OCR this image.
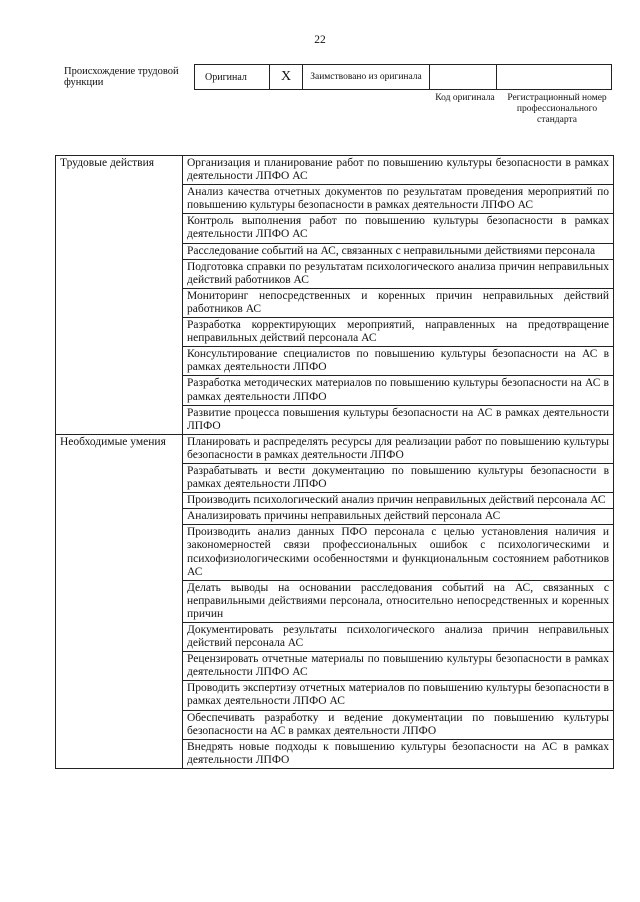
22
Происхождение трудовой функции	Оригинал	X	Заимствовано из оригинала		
Код оригинала	Регистрационный номер профессионального стандарта
Трудовые действия	Организация и планирование работ по повышению культуры безопасности в рамках деятельности ЛПФО АС
	Анализ качества отчетных документов по результатам проведения мероприятий по повышению культуры безопасности в рамках деятельности ЛПФО АС
	Контроль выполнения работ по повышению культуры безопасности в рамках деятельности ЛПФО АС
	Расследование событий на АС, связанных с неправильными действиями персонала
	Подготовка справки по результатам психологического анализа причин неправильных действий работников АС
	Мониторинг непосредственных и коренных причин неправильных действий работников АС
	Разработка корректирующих мероприятий, направленных на предотвращение неправильных действий персонала АС
	Консультирование специалистов по повышению культуры безопасности на АС в рамках деятельности ЛПФО
	Разработка методических материалов по повышению культуры безопасности на АС в рамках деятельности ЛПФО
	Развитие процесса повышения культуры безопасности на АС в рамках деятельности ЛПФО
Необходимые умения	Планировать и распределять ресурсы для реализации работ по повышению культуры безопасности в рамках деятельности ЛПФО
	Разрабатывать и вести документацию по повышению культуры безопасности в рамках деятельности ЛПФО
	Производить психологический анализ причин неправильных действий персонала АС
	Анализировать причины неправильных действий персонала АС
	Производить анализ данных ПФО персонала с целью установления наличия и закономерностей связи профессиональных ошибок с психологическими и психофизиологическими особенностями и функциональным состоянием работников АС
	Делать выводы на основании расследования событий на АС, связанных с неправильными действиями персонала, относительно непосредственных и коренных причин
	Документировать результаты психологического анализа причин неправильных действий персонала АС
	Рецензировать отчетные материалы по повышению культуры безопасности в рамках деятельности ЛПФО АС
	Проводить экспертизу отчетных материалов по повышению культуры безопасности в рамках деятельности ЛПФО АС
	Обеспечивать разработку и ведение документации по повышению культуры безопасности на АС в рамках деятельности ЛПФО
	Внедрять новые подходы к повышению культуры безопасности на АС в рамках деятельности ЛПФО
